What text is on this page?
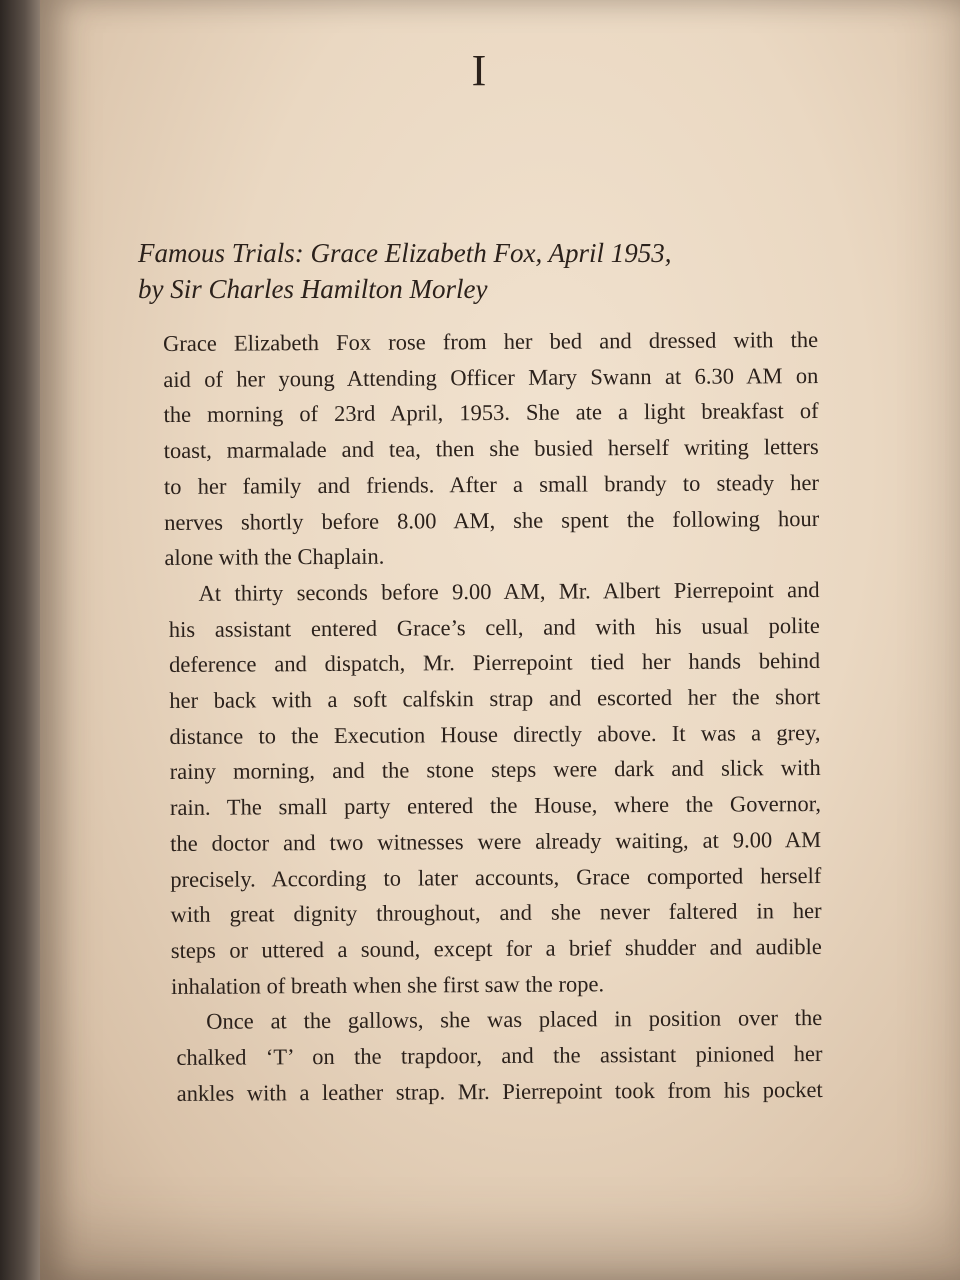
I
Famous Trials: Grace Elizabeth Fox, April 1953,
by Sir Charles Hamilton Morley
Grace Elizabeth Fox rose from her bed and dressed with the
aid of her young Attending Officer Mary Swann at 6.30 AM on
the morning of 23rd April, 1953. She ate a light breakfast of
toast, marmalade and tea, then she busied herself writing letters
to her family and friends. After a small brandy to steady her
nerves shortly before 8.00 AM, she spent the following hour
alone with the Chaplain.
At thirty seconds before 9.00 AM, Mr. Albert Pierrepoint and
his assistant entered Grace’s cell, and with his usual polite
deference and dispatch, Mr. Pierrepoint tied her hands behind
her back with a soft calfskin strap and escorted her the short
distance to the Execution House directly above. It was a grey,
rainy morning, and the stone steps were dark and slick with
rain. The small party entered the House, where the Governor,
the doctor and two witnesses were already waiting, at 9.00 AM
precisely. According to later accounts, Grace comported herself
with great dignity throughout, and she never faltered in her
steps or uttered a sound, except for a brief shudder and audible
inhalation of breath when she first saw the rope.
Once at the gallows, she was placed in position over the
chalked ‘T’ on the trapdoor, and the assistant pinioned her
ankles with a leather strap. Mr. Pierrepoint took from his pocket
